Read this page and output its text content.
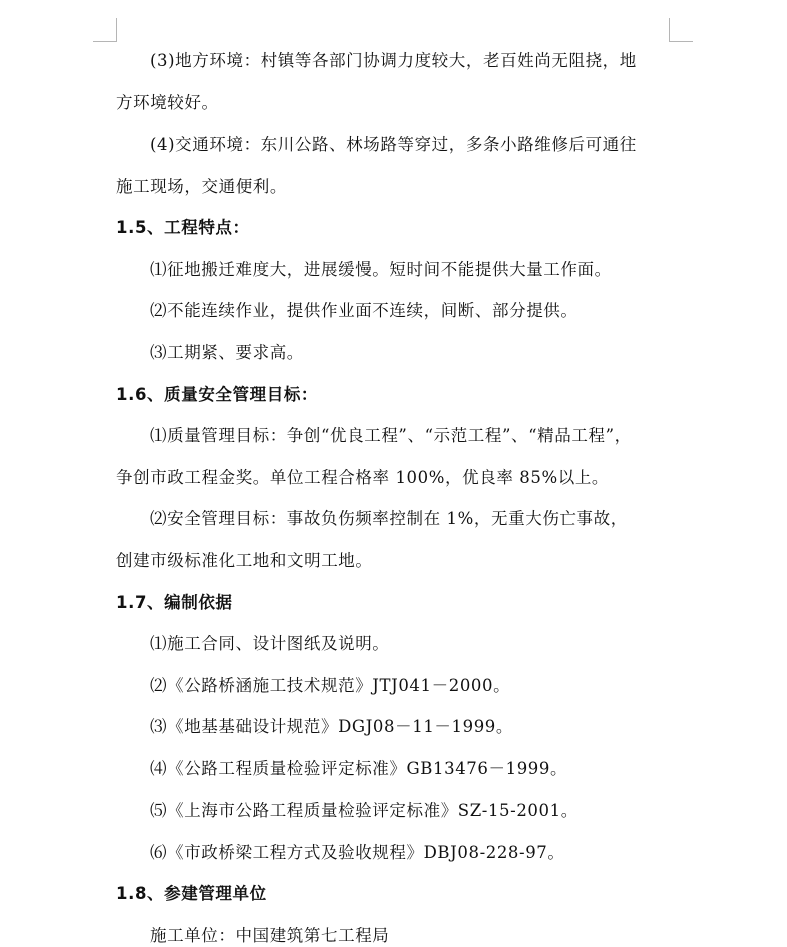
(3)地方环境：村镇等各部门协调力度较大，老百姓尚无阻挠，地
方环境较好。
(4)交通环境：东川公路、林场路等穿过，多条小路维修后可通往
施工现场，交通便利。
1.5、工程特点：
⑴征地搬迁难度大，进展缓慢。短时间不能提供大量工作面。
⑵不能连续作业，提供作业面不连续，间断、部分提供。
⑶工期紧、要求高。
1.6、质量安全管理目标：
⑴质量管理目标：争创“优良工程”、“示范工程”、“精品工程”，
争创市政工程金奖。单位工程合格率 100%，优良率 85%以上。
⑵安全管理目标：事故负伤频率控制在 1%，无重大伤亡事故，
创建市级标准化工地和文明工地。
1.7、编制依据
⑴施工合同、设计图纸及说明。
⑵《公路桥涵施工技术规范》JTJ041－2000。
⑶《地基基础设计规范》DGJ08－11－1999。
⑷《公路工程质量检验评定标准》GB13476－1999。
⑸《上海市公路工程质量检验评定标准》SZ-15-2001。
⑹《市政桥梁工程方式及验收规程》DBJ08-228-97。
1.8、参建管理单位
施工单位：中国建筑第七工程局
